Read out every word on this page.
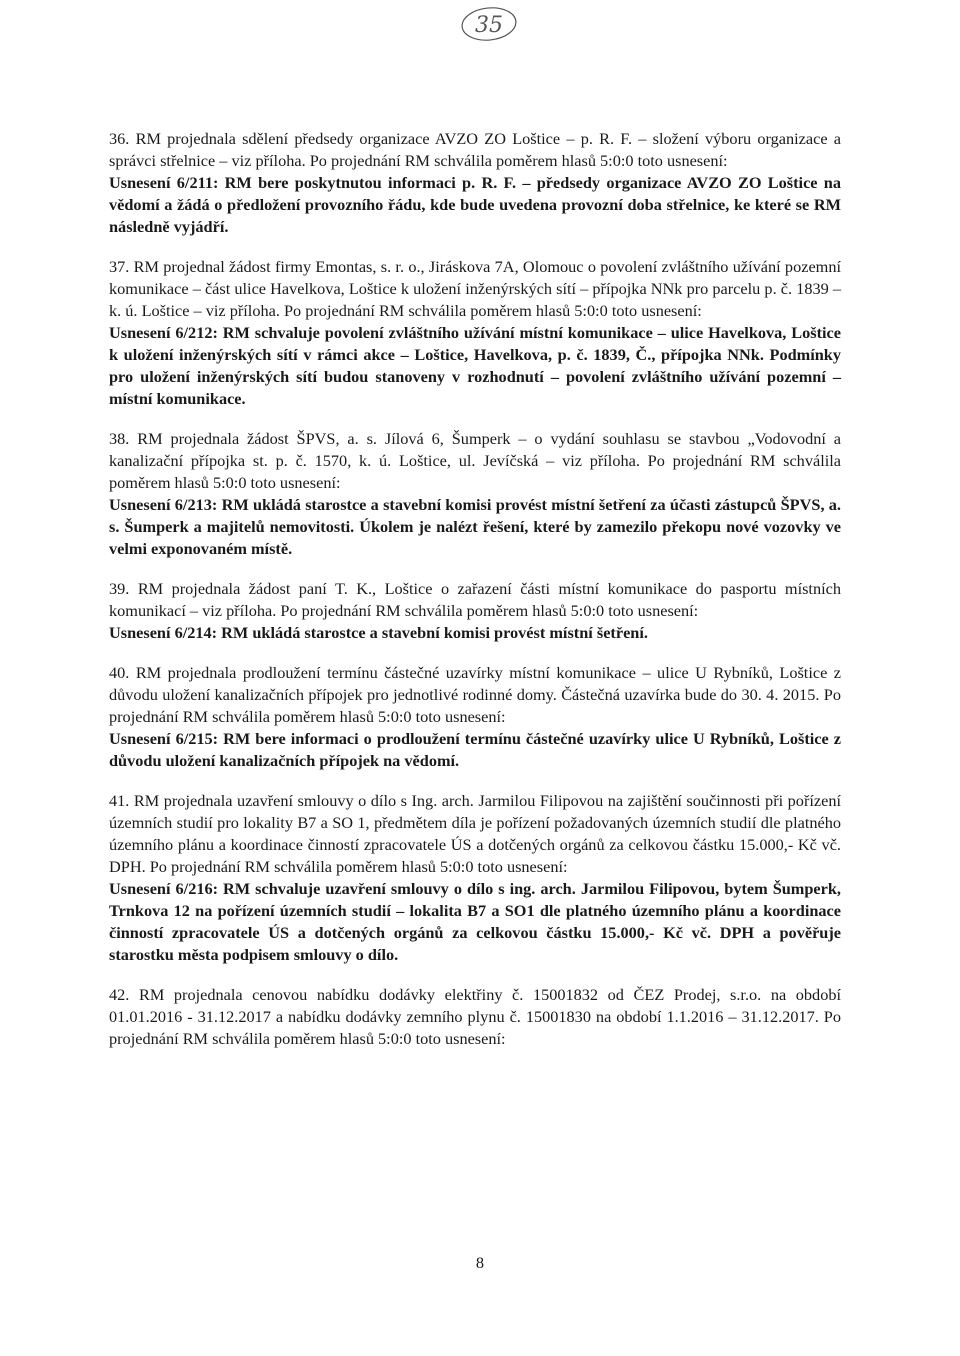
35

36. RM projednala sdělení předsedy organizace AVZO ZO Loštice – p. R. F. – složení výboru organizace a správci střelnice – viz příloha. Po projednání RM schválila poměrem hlasů 5:0:0 toto usnesení:

Usnesení 6/211: RM bere poskytnutou informaci p. R. F. – předsedy organizace AVZO ZO Loštice na vědomí a žádá o předložení provozního řádu, kde bude uvedena provozní doba střelnice, ke které se RM následně vyjádří.

37. RM projednal žádost firmy Emontas, s. r. o., Jiráskova 7A, Olomouc o povolení zvláštního užívání pozemní komunikace – část ulice Havelkova, Loštice k uložení inženýrských sítí – přípojka NNk pro parcelu p. č. 1839 – k. ú. Loštice – viz příloha. Po projednání RM schválila poměrem hlasů 5:0:0 toto usnesení:

Usnesení 6/212: RM schvaluje povolení zvláštního užívání místní komunikace – ulice Havelkova, Loštice k uložení inženýrských sítí v rámci akce – Loštice, Havelkova, p. č. 1839, Č., přípojka NNk. Podmínky pro uložení inženýrských sítí budou stanoveny v rozhodnutí – povolení zvláštního užívání pozemní – místní komunikace.

38. RM projednala žádost ŠPVS, a. s. Jílová 6, Šumperk – o vydání souhlasu se stavbou „Vodovodní a kanalizační přípojka st. p. č. 1570, k. ú. Loštice, ul. Jevíčská – viz příloha. Po projednání RM schválila poměrem hlasů 5:0:0 toto usnesení:

Usnesení 6/213: RM ukládá starostce a stavební komisi provést místní šetření za účasti zástupců ŠPVS, a. s. Šumperk a majitelů nemovitosti. Úkolem je nalézt řešení, které by zamezilo překopu nové vozovky ve velmi exponovaném místě.

39. RM projednala žádost paní T. K., Loštice o zařazení části místní komunikace do pasportu místních komunikací – viz příloha. Po projednání RM schválila poměrem hlasů 5:0:0 toto usnesení:

Usnesení 6/214: RM ukládá starostce a stavební komisi provést místní šetření.

40. RM projednala prodloužení termínu částečné uzavírky místní komunikace – ulice U Rybníků, Loštice z důvodu uložení kanalizačních přípojek pro jednotlivé rodinné domy. Částečná uzavírka bude do 30. 4. 2015. Po projednání RM schválila poměrem hlasů 5:0:0 toto usnesení:

Usnesení 6/215: RM bere informaci o prodloužení termínu částečné uzavírky ulice U Rybníků, Loštice z důvodu uložení kanalizačních přípojek na vědomí.

41. RM projednala uzavření smlouvy o dílo s Ing. arch. Jarmilou Filipovou na zajištění součinnosti při pořízení územních studií pro lokality B7 a SO 1, předmětem díla je pořízení požadovaných územních studií dle platného územního plánu a koordinace činností zpracovatele ÚS a dotčených orgánů za celkovou částku 15.000,- Kč vč. DPH. Po projednání RM schválila poměrem hlasů 5:0:0 toto usnesení:

Usnesení 6/216: RM schvaluje uzavření smlouvy o dílo s ing. arch. Jarmilou Filipovou, bytem Šumperk, Trnkova 12 na pořízení územních studií – lokalita B7 a SO1 dle platného územního plánu a koordinace činností zpracovatele ÚS a dotčených orgánů za celkovou částku 15.000,- Kč vč. DPH a pověřuje starostku města podpisem smlouvy o dílo.

42. RM projednala cenovou nabídku dodávky elektřiny č. 15001832 od ČEZ Prodej, s.r.o. na období 01.01.2016 - 31.12.2017 a nabídku dodávky zemního plynu č. 15001830 na období 1.1.2016 – 31.12.2017. Po projednání RM schválila poměrem hlasů 5:0:0 toto usnesení:

8
